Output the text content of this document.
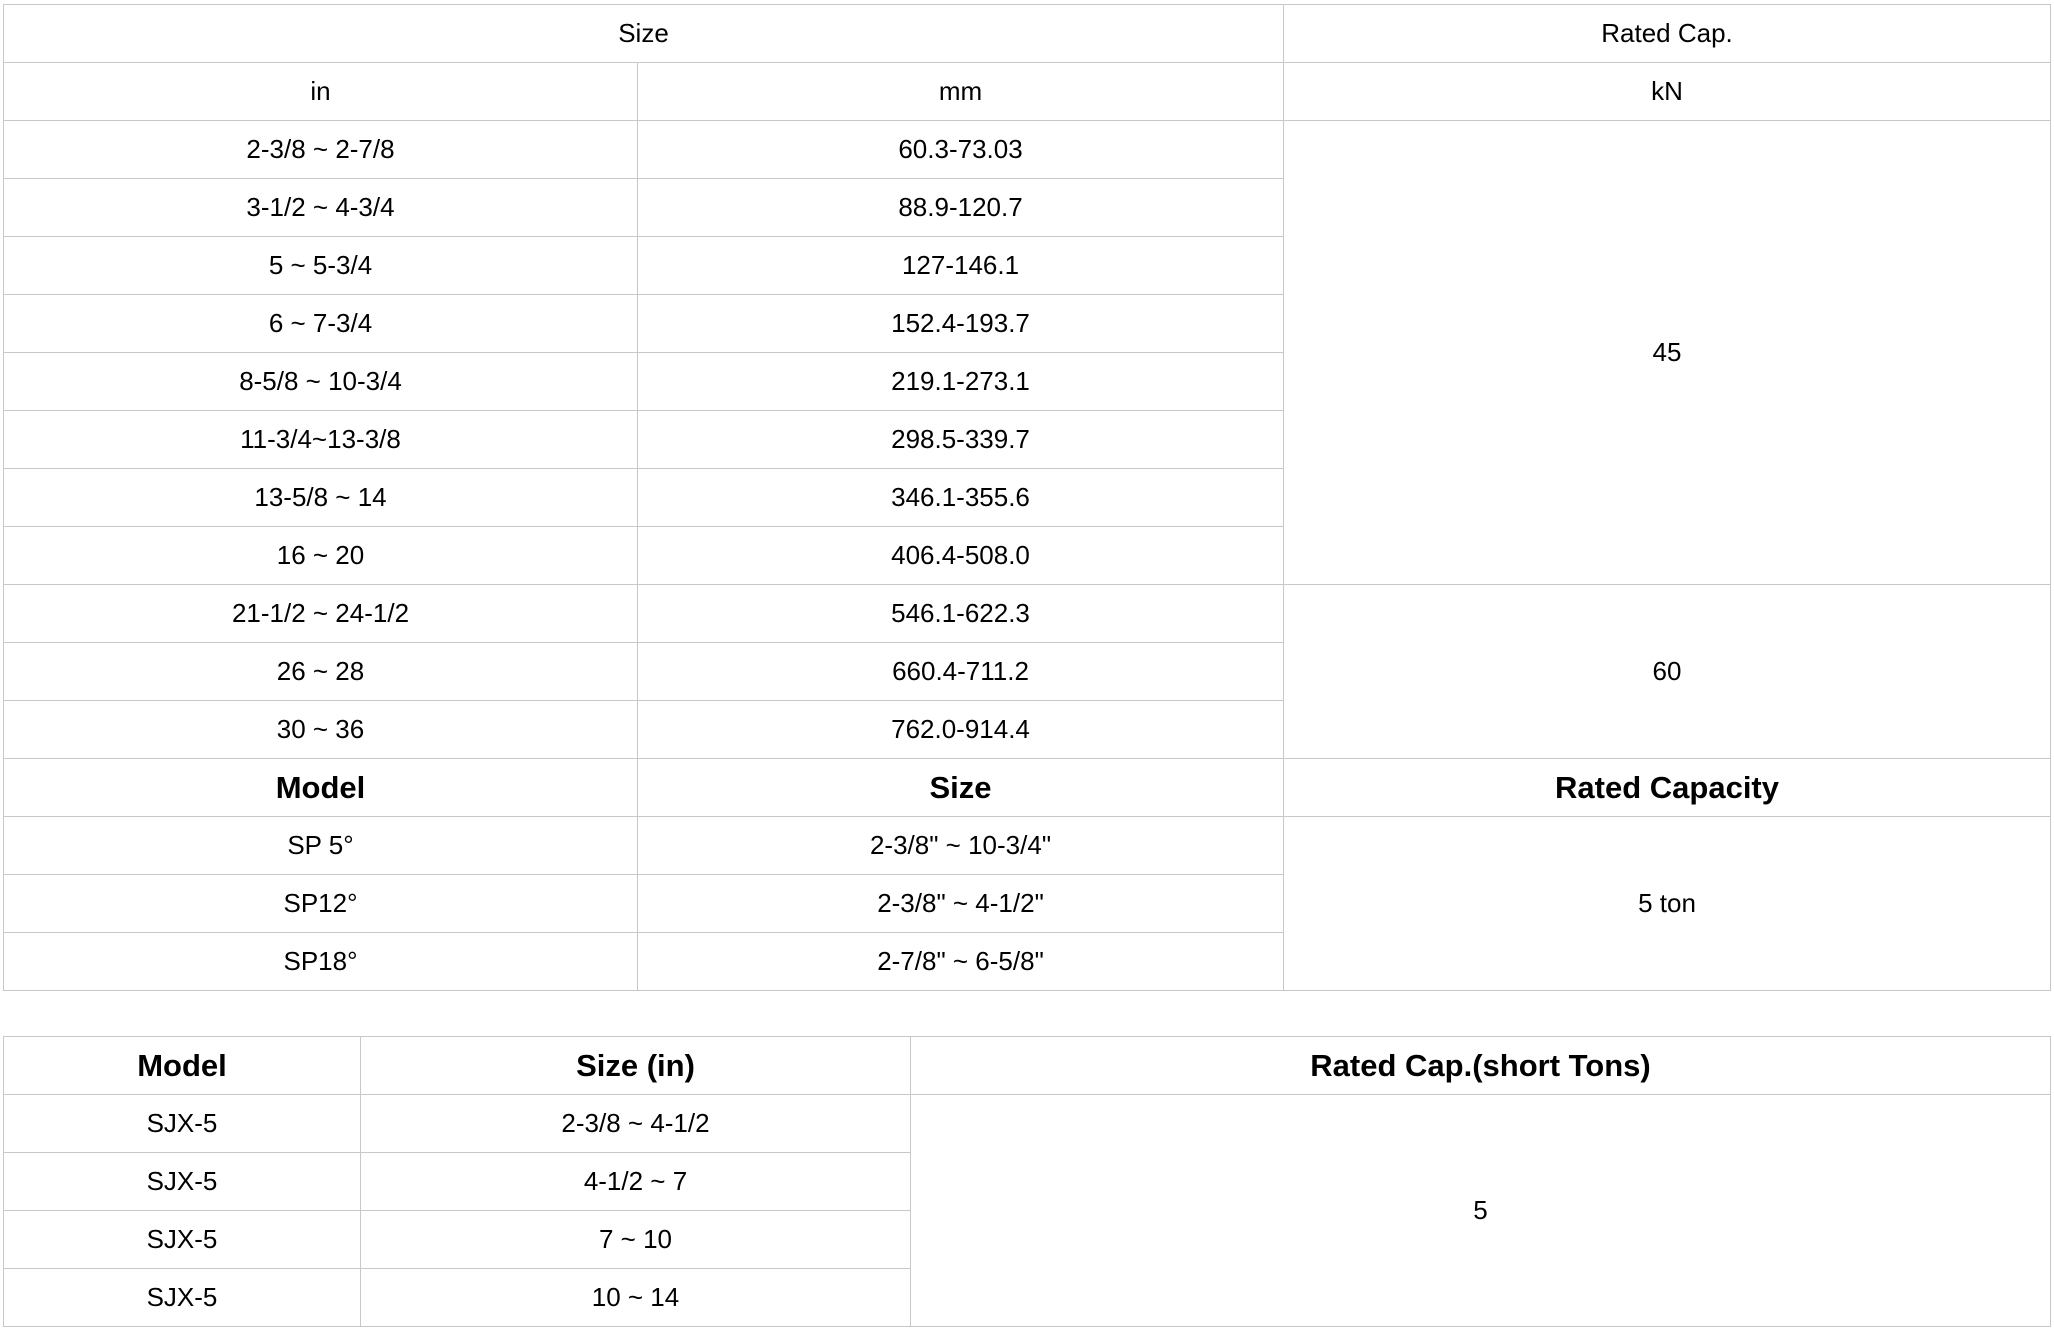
Size		Rated Cap.
in	mm	kN
2-3/8 ~ 2-7/8	60.3-73.03	45
3-1/2 ~ 4-3/4	88.9-120.7	
5 ~ 5-3/4	127-146.1	
6 ~ 7-3/4	152.4-193.7	
8-5/8 ~ 10-3/4	219.1-273.1	
11-3/4~13-3/8	298.5-339.7	
13-5/8 ~ 14	346.1-355.6	
16 ~ 20	406.4-508.0	
21-1/2 ~ 24-1/2	546.1-622.3	60
26 ~ 28	660.4-711.2	
30 ~ 36	762.0-914.4	
Model	Size	Rated Capacity
SP 5°	2-3/8" ~ 10-3/4"	5 ton
SP12°	2-3/8" ~ 4-1/2"	
SP18°	2-7/8" ~ 6-5/8"	
Model	Size (in)	Rated Cap.(short Tons)
SJX-5	2-3/8 ~ 4-1/2	5
SJX-5	4-1/2 ~ 7	
SJX-5	7 ~ 10	
SJX-5	10 ~ 14	
